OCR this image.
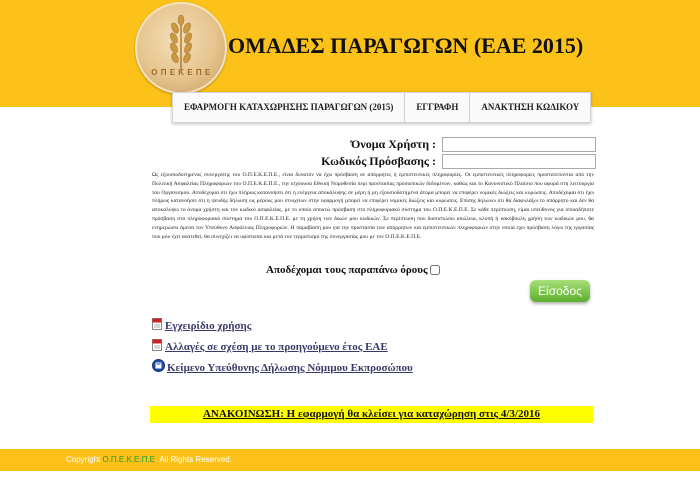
Ο Π Ε Κ Ε Π Ε
ΟΜΑΔΕΣ ΠΑΡΑΓΩΓΩΝ (ΕΑΕ 2015)
ΕΦΑΡΜΟΓΗ ΚΑΤΑΧΩΡΗΣΗΣ ΠΑΡΑΓΩΓΩΝ (2015)	ΕΓΓΡΑΦΗ	ΑΝΑΚΤΗΣΗ ΚΩΔΙΚΟΥ
Όνομα Χρήστη :
Κωδικός Πρόσβασης :
Ως εξουσιοδοτημένος συνεργάτης του Ο.Π.Ε.Κ.Ε.Π.Ε., είναι δυνατόν να έχω πρόσβαση σε απόρρητες ή εμπιστευτικές πληροφορίες. Οι εμπιστευτικές πληροφορίες προστατεύονται από την Πολιτική Ασφαλείας Πληροφοριών του Ο.Π.Ε.Κ.Ε.Π.Ε., την ισχύουσα Εθνική Νομοθεσία περί προστασίας προσωπικών δεδομένων, καθώς και το Κανονιστικό Πλαίσιο που αφορά στη λειτουργία του Οργανισμού. Αποδέχομαι ότι έχω πλήρως κατανοήσει ότι η ενέργεια αποκάλυψης σε μέρη ή μη εξουσιοδοτημένα άτομα μπορεί να επιφέρει νομικές διώξεις και κυρώσεις. Αποδέχομαι ότι έχω πλήρως κατανοήσει ότι η ψευδής δήλωση ως μέρους μου στοιχείων στην εφαρμογή μπορεί να επιφέρει νομικές διώξεις και κυρώσεις. Επίσης δηλώνω ότι θα διαφυλάξω το απόρρητο και δεν θα αποκαλύψω το όνομα χρήστη και τον κωδικό ασφαλείας, με το οποίο αποκτώ πρόσβαση στο πληροφοριακό σύστημα του Ο.Π.Ε.Κ.Ε.Π.Ε. Σε κάθε περίπτωση, είμαι υπεύθυνος για οποιαδήποτε πρόσβαση στο πληροφοριακό σύστημα του Ο.Π.Ε.Κ.Ε.Π.Ε. με τη χρήση των δικών μου κωδικών. Σε περίπτωση που διαπιστώσω απώλεια, κλοπή ή κακόβουλη χρήση των κωδικών μου, θα ενημερώσω άμεσα τον Υπεύθυνο Ασφάλειας Πληροφοριών. Η παραβίαση μου για την προστασία των απόρρητων και εμπιστευτικών πληροφοριών στην οποία έχω πρόσβαση λόγω της εργασίας που μου έχει ανατεθεί, θα συνεχίζει να υφίσταται και μετά τον τερματισμό της συνεργασίας μου με τον Ο.Π.Ε.Κ.Ε.Π.Ε.
Αποδέχομαι τους παραπάνω όρους
Είσοδος
Εγχειρίδιο χρήσης
Αλλαγές σε σχέση με το προηγούμενο έτος ΕΑΕ
Κείμενο Υπεύθυνης Δήλωσης Νόμιμου Εκπροσώπου
ΑΝΑΚΟΙΝΩΣΗ: Η εφαρμογή θα κλείσει για καταχώρηση στις 4/3/2016
Copyright Ο.Π.Ε.Κ.Ε.Π.Ε. All Rights Reserved.
